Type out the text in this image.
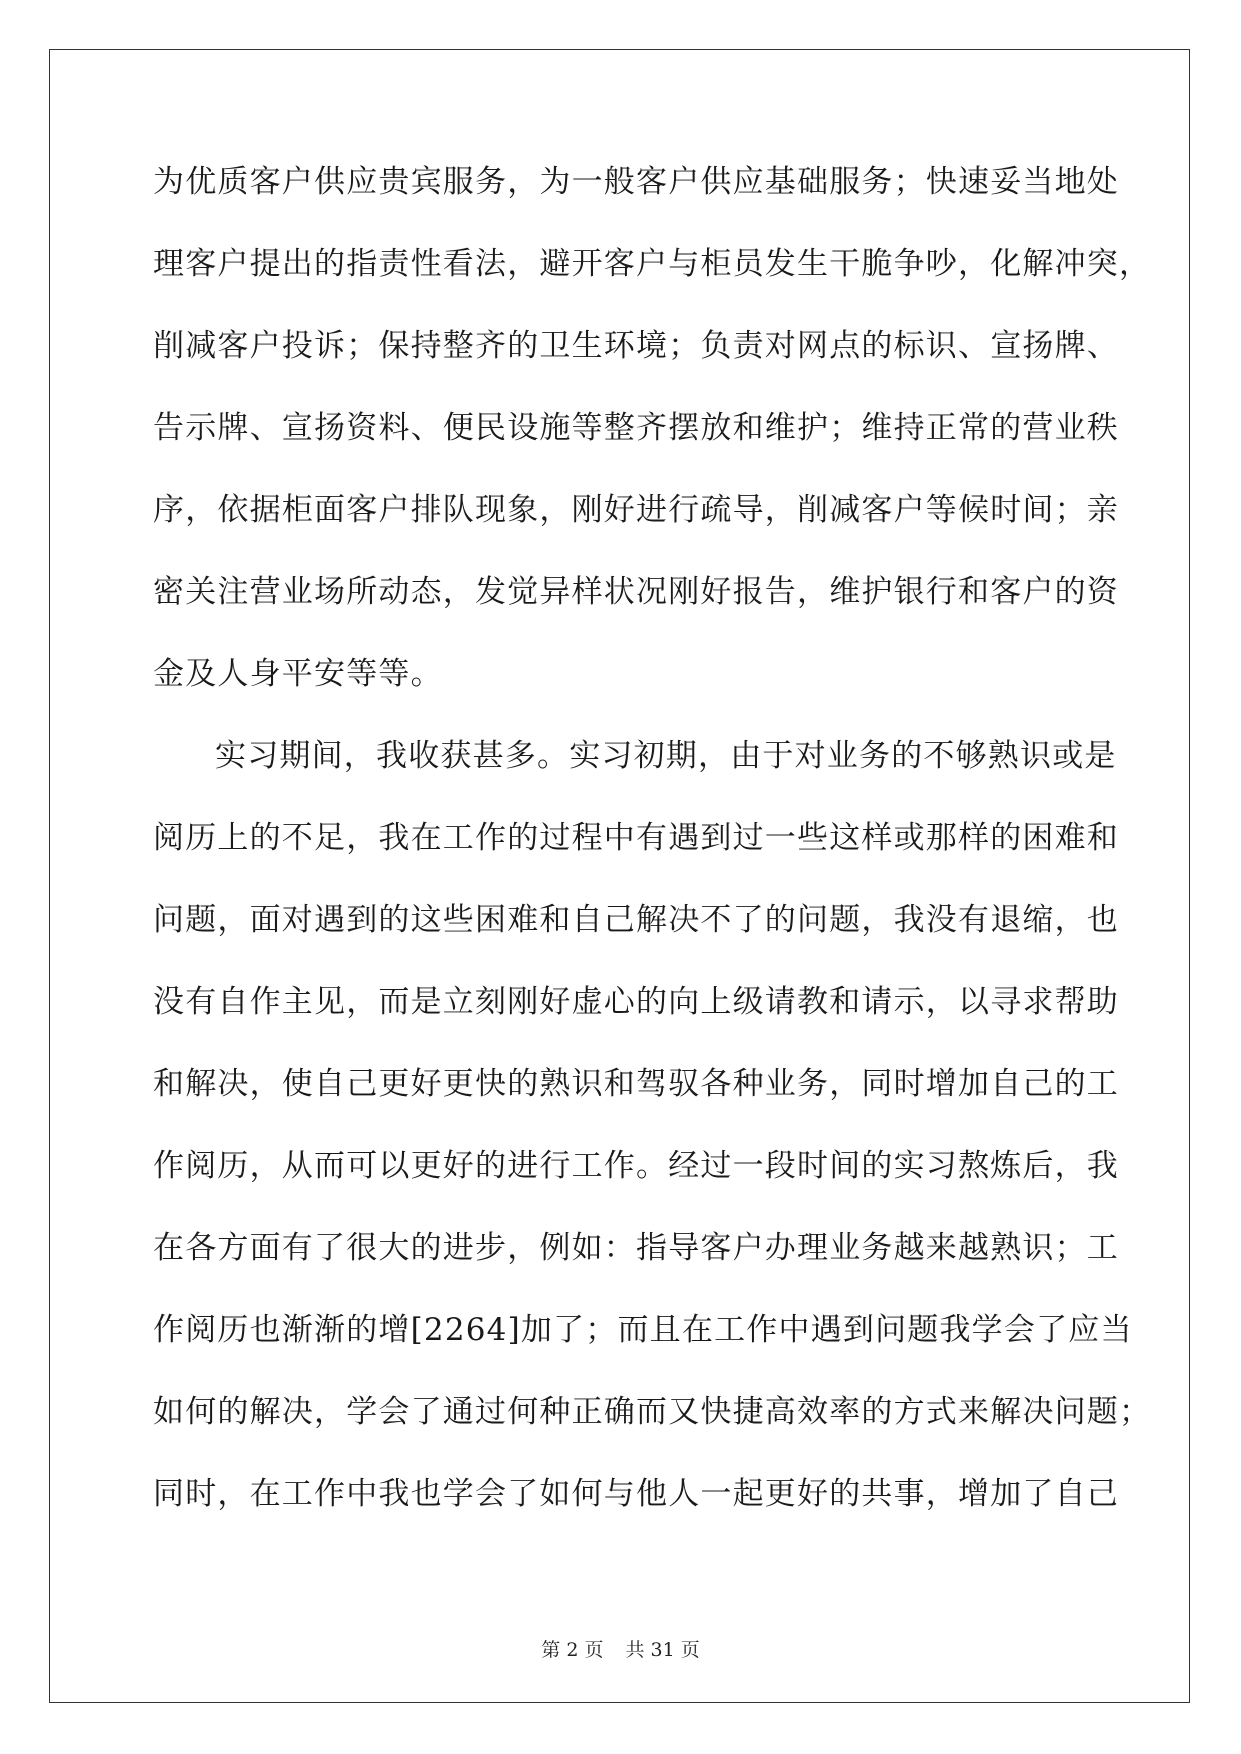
为优质客户供应贵宾服务，为一般客户供应基础服务；快速妥当地处
理客户提出的指责性看法，避开客户与柜员发生干脆争吵，化解冲突，
削减客户投诉；保持整齐的卫生环境；负责对网点的标识、宣扬牌、
告示牌、宣扬资料、便民设施等整齐摆放和维护；维持正常的营业秩
序，依据柜面客户排队现象，刚好进行疏导，削减客户等候时间；亲
密关注营业场所动态，发觉异样状况刚好报告，维护银行和客户的资
金及人身平安等等。
实习期间，我收获甚多。实习初期，由于对业务的不够熟识或是
阅历上的不足，我在工作的过程中有遇到过一些这样或那样的困难和
问题，面对遇到的这些困难和自己解决不了的问题，我没有退缩，也
没有自作主见，而是立刻刚好虚心的向上级请教和请示，以寻求帮助
和解决，使自己更好更快的熟识和驾驭各种业务，同时增加自己的工
作阅历，从而可以更好的进行工作。经过一段时间的实习熬炼后，我
在各方面有了很大的进步，例如：指导客户办理业务越来越熟识；工
作阅历也渐渐的增[2264]加了；而且在工作中遇到问题我学会了应当
如何的解决，学会了通过何种正确而又快捷高效率的方式来解决问题；
同时，在工作中我也学会了如何与他人一起更好的共事，增加了自己
第 2 页 共 31 页
